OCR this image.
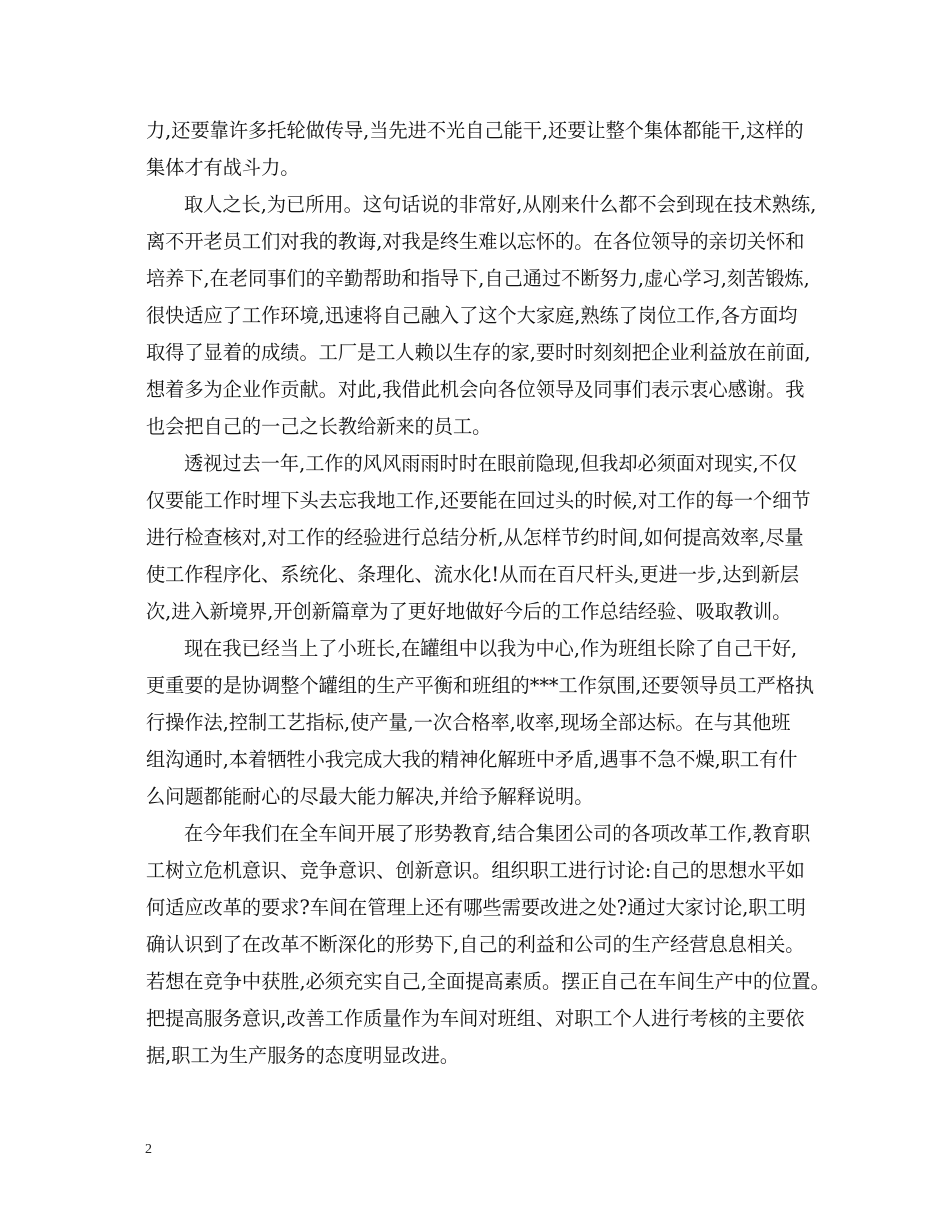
力,还要靠许多托轮做传导,当先进不光自己能干,还要让整个集体都能干,这样的
集体才有战斗力。
取人之长,为已所用。这句话说的非常好,从刚来什么都不会到现在技术熟练,
离不开老员工们对我的教诲,对我是终生难以忘怀的。在各位领导的亲切关怀和
培养下,在老同事们的辛勤帮助和指导下,自己通过不断努力,虚心学习,刻苦锻炼,
很快适应了工作环境,迅速将自己融入了这个大家庭,熟练了岗位工作,各方面均
取得了显着的成绩。工厂是工人赖以生存的家,要时时刻刻把企业利益放在前面,
想着多为企业作贡献。对此,我借此机会向各位领导及同事们表示衷心感谢。我
也会把自己的一己之长教给新来的员工。
透视过去一年,工作的风风雨雨时时在眼前隐现,但我却必须面对现实,不仅
仅要能工作时埋下头去忘我地工作,还要能在回过头的时候,对工作的每一个细节
进行检查核对,对工作的经验进行总结分析,从怎样节约时间,如何提高效率,尽量
使工作程序化、系统化、条理化、流水化!从而在百尺杆头,更进一步,达到新层
次,进入新境界,开创新篇章为了更好地做好今后的工作总结经验、吸取教训。
现在我已经当上了小班长,在罐组中以我为中心,作为班组长除了自己干好,
更重要的是协调整个罐组的生产平衡和班组的***工作氛围,还要领导员工严格执
行操作法,控制工艺指标,使产量,一次合格率,收率,现场全部达标。在与其他班
组沟通时,本着牺牲小我完成大我的精神化解班中矛盾,遇事不急不燥,职工有什
么问题都能耐心的尽最大能力解决,并给予解释说明。
在今年我们在全车间开展了形势教育,结合集团公司的各项改革工作,教育职
工树立危机意识、竞争意识、创新意识。组织职工进行讨论:自己的思想水平如
何适应改革的要求?车间在管理上还有哪些需要改进之处?通过大家讨论,职工明
确认识到了在改革不断深化的形势下,自己的利益和公司的生产经营息息相关。
若想在竞争中获胜,必须充实自己,全面提高素质。摆正自己在车间生产中的位置。
把提高服务意识,改善工作质量作为车间对班组、对职工个人进行考核的主要依
据,职工为生产服务的态度明显改进。
2
